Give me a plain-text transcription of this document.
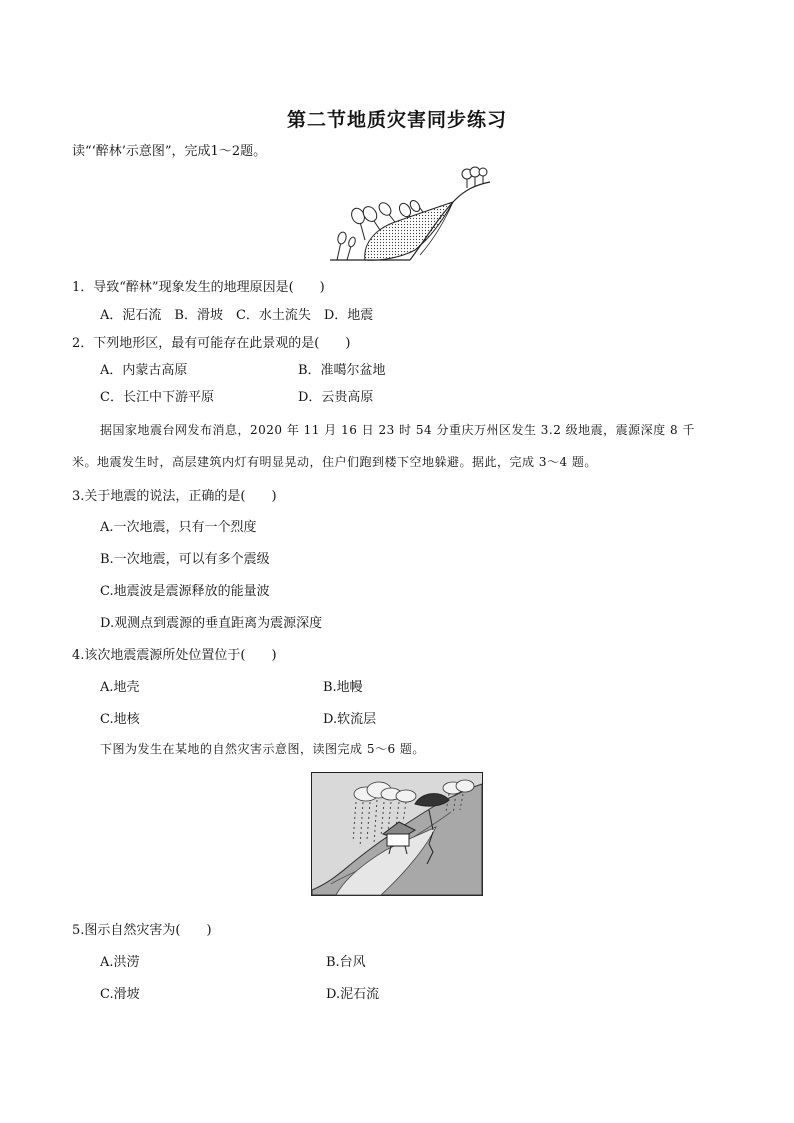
第二节地质灾害同步练习
读“‘醉林’示意图”，完成1～2题。
1．导致“醉林”现象发生的地理原因是(　　)
A．泥石流　B．滑坡　C．水土流失　D．地震
2．下列地形区，最有可能存在此景观的是(　　)
A．内蒙古高原	B．准噶尔盆地
C．长江中下游平原	D．云贵高原
据国家地震台网发布消息，2020 年 11 月 16 日 23 时 54 分重庆万州区发生 3.2 级地震，震源深度 8 千
米。地震发生时，高层建筑内灯有明显晃动，住户们跑到楼下空地躲避。据此，完成 3～4 题。
3.关于地震的说法，正确的是(　　)
A.一次地震，只有一个烈度
B.一次地震，可以有多个震级
C.地震波是震源释放的能量波
D.观测点到震源的垂直距离为震源深度
4.该次地震震源所处位置位于(　　)
A.地壳	B.地幔
C.地核	D.软流层
下图为发生在某地的自然灾害示意图，读图完成 5～6 题。
5.图示自然灾害为(　　)
A.洪涝	B.台风
C.滑坡	D.泥石流
